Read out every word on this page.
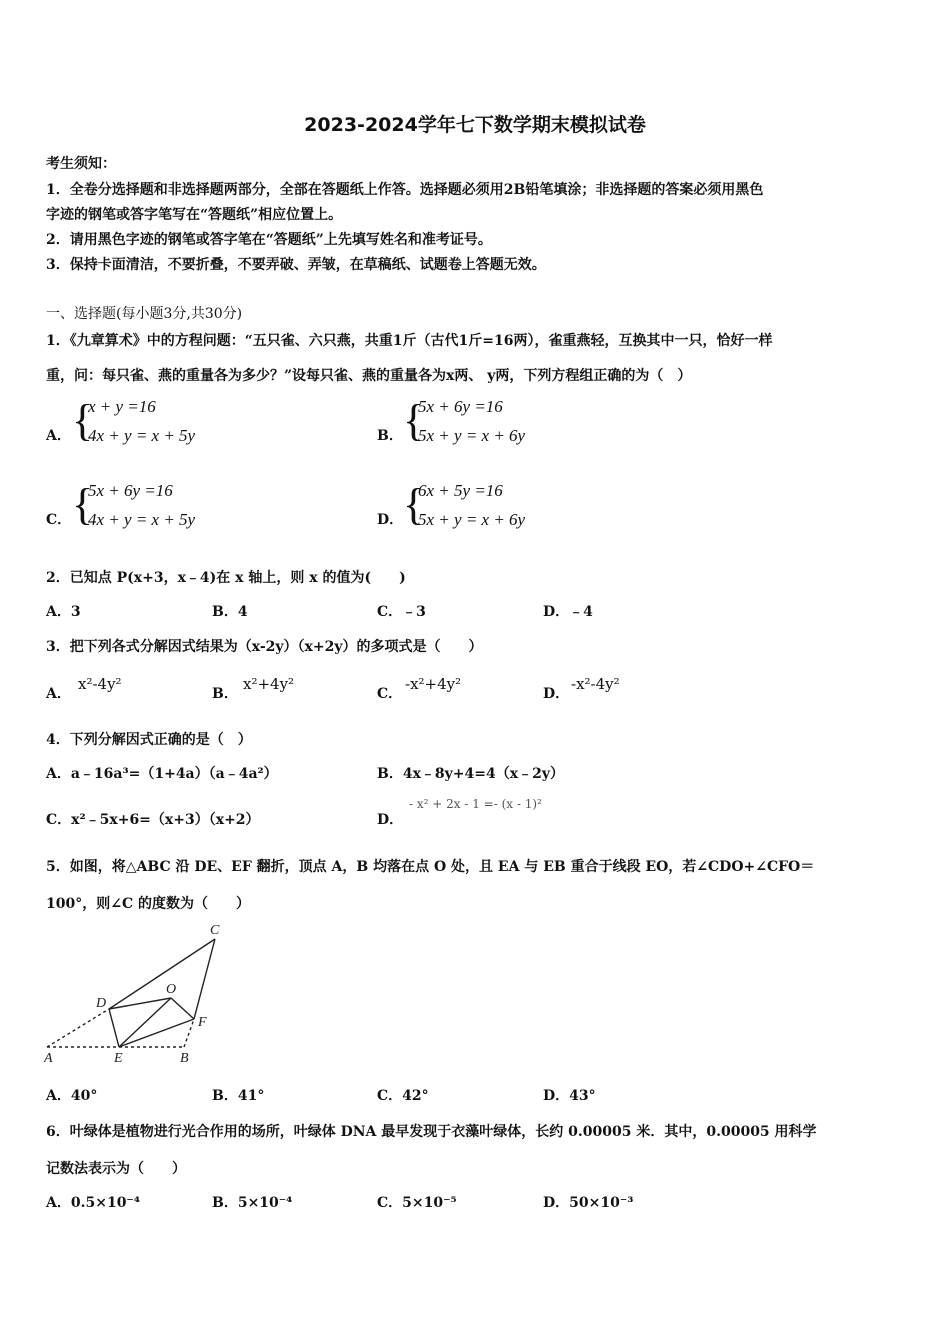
2023-2024学年七下数学期末模拟试卷
考生须知：
1．全卷分选择题和非选择题两部分，全部在答题纸上作答。选择题必须用2B铅笔填涂；非选择题的答案必须用黑色
字迹的钢笔或答字笔写在“答题纸”相应位置上。
2．请用黑色字迹的钢笔或答字笔在“答题纸”上先填写姓名和准考证号。
3．保持卡面清洁，不要折叠，不要弄破、弄皱，在草稿纸、试题卷上答题无效。
一、选择题(每小题3分,共30分)
1．《九章算术》中的方程问题：“五只雀、六只燕，共重1斤（古代1斤=16两），雀重燕轻，互换其中一只，恰好一样
重，问：每只雀、燕的重量各为多少？”设每只雀、燕的重量各为x两、 y两，下列方程组正确的为（　）
A． {
x + y =16
4x + y = x + 5y	B． {
5x + 6y =16
5x + y = x + 6y
C． {
5x + 6y =16
4x + y = x + 5y	D． {
6x + 5y =16
5x + y = x + 6y
2．已知点 P(x+3，x﹣4)在 x 轴上，则 x 的值为(　　)
A．3	B．4	C．﹣3	D．﹣4
3．把下列各式分解因式结果为（x-2y）（x+2y）的多项式是（　　）
A．
x²-4y²
B．
x²+4y²
C．
-x²+4y²
D．
-x²-4y²
4．下列分解因式正确的是（　）
A．a﹣16a³=（1+4a）（a﹣4a²）	B．4x﹣8y+4=4（x﹣2y）
C．x²﹣5x+6=（x+3）（x+2）	D．
- x² + 2x - 1 =- (x - 1)²
5．如图，将△ABC 沿 DE、EF 翻折，顶点 A，B 均落在点 O 处，且 EA 与 EB 重合于线段 EO，若∠CDO+∠CFO＝
100°，则∠C 的度数为（　　）
C
D
O
F
A	E	B
A．40°	B．41°	C．42°	D．43°
6．叶绿体是植物进行光合作用的场所，叶绿体 DNA 最早发现于衣藻叶绿体，长约 0.00005 米．其中，0.00005 用科学
记数法表示为（　　）
A．0.5×10⁻⁴	B．5×10⁻⁴	C．5×10⁻⁵	D．50×10⁻³
